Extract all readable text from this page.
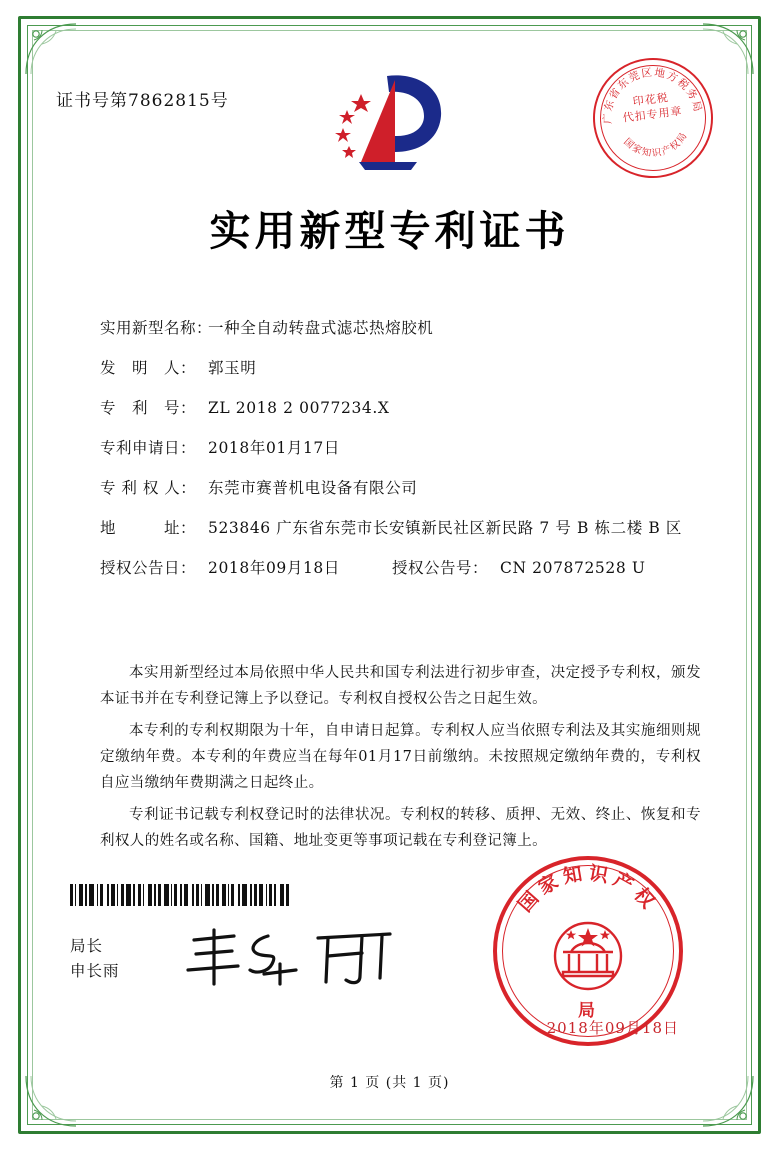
证书号第7862815号
广东省东莞区地方税务局
国家知识产权局
印花税
代扣专用章
实用新型专利证书
实用新型名称：
一种全自动转盘式滤芯热熔胶机
发　明　人： 郭玉明
专　利　号： ZL 2018 2 0077234.X
专利申请日： 2018年01月17日
专 利 权 人： 东莞市赛普机电设备有限公司
地　　　址： 523846 广东省东莞市长安镇新民社区新民路 7 号 B 栋二楼 B 区
授权公告日： 2018年09月18日	授权公告号： CN 207872528 U

本实用新型经过本局依照中华人民共和国专利法进行初步审查，决定授予专利权，颁发本证书并在专利登记簿上予以登记。专利权自授权公告之日起生效。

本专利的专利权期限为十年，自申请日起算。专利权人应当依照专利法及其实施细则规定缴纳年费。本专利的年费应当在每年01月17日前缴纳。未按照规定缴纳年费的，专利权自应当缴纳年费期满之日起终止。

专利证书记载专利权登记时的法律状况。专利权的转移、质押、无效、终止、恢复和专利权人的姓名或名称、国籍、地址变更等事项记载在专利登记簿上。

局长
申长雨
国家知识产权
局
2018年09月18日
第 1 页 (共 1 页)
